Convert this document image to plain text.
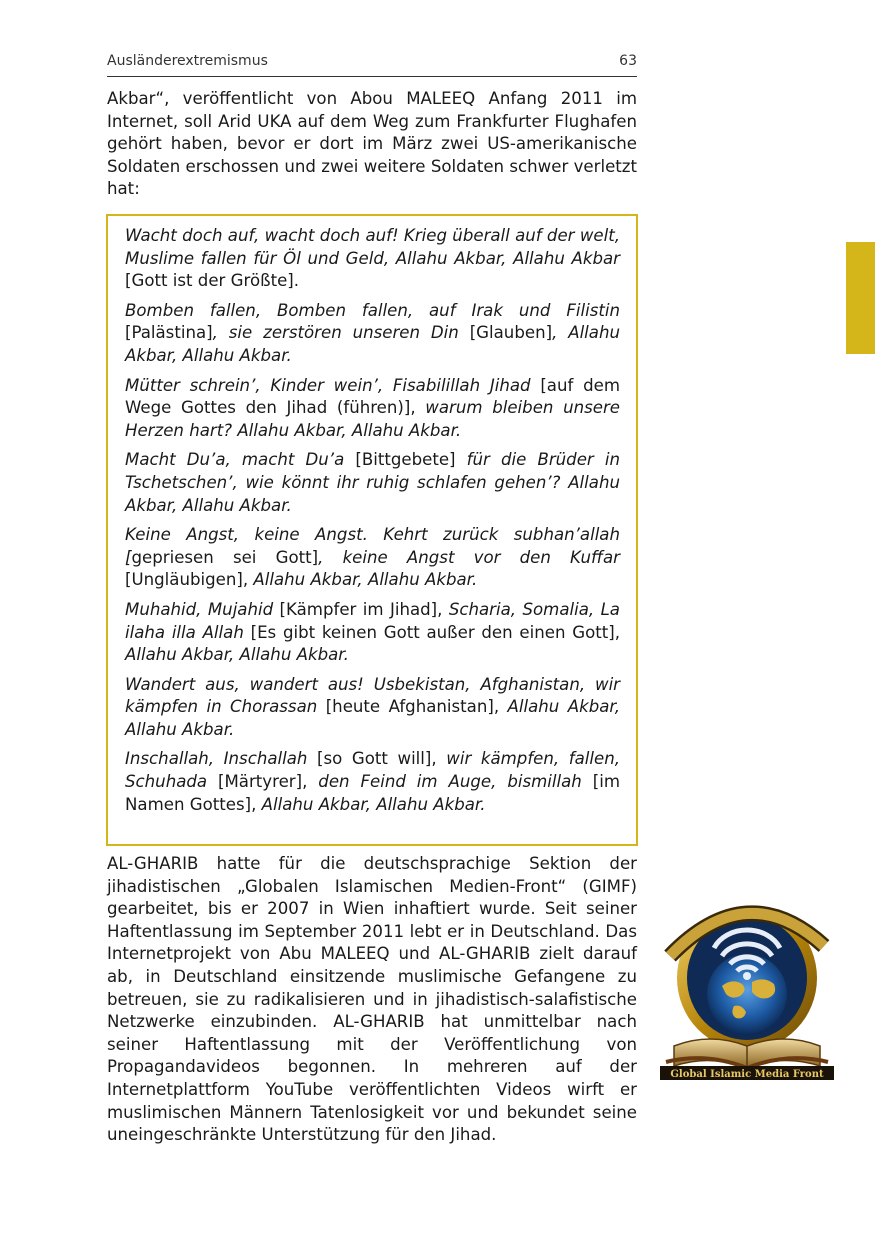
Ausländerextremismus	63

Akbar“, veröffentlicht von Abou MALEEQ Anfang 2011 im Internet, soll Arid UKA auf dem Weg zum Frankfurter Flughafen gehört haben, bevor er dort im März zwei US-amerikanische Soldaten erschossen und zwei weitere Soldaten schwer verletzt hat:

Wacht doch auf, wacht doch auf! Krieg überall auf der welt, Muslime fallen für Öl und Geld, Allahu Akbar, Allahu Akbar [Gott ist der Größte].

Bomben fallen, Bomben fallen, auf Irak und Filistin [Palästina], sie zerstören unseren Din [Glauben], Allahu Akbar, Allahu Akbar.

Mütter schrein’, Kinder wein’, Fisabilillah Jihad [auf dem Wege Gottes den Jihad (führen)], warum bleiben unsere Herzen hart? Allahu Akbar, Allahu Akbar.

Macht Du’a, macht Du’a [Bittgebete] für die Brüder in Tschetschen’, wie könnt ihr ruhig schlafen gehen’? Allahu Akbar, Allahu Akbar.

Keine Angst, keine Angst. Kehrt zurück subhan’allah [gepriesen sei Gott], keine Angst vor den Kuffar [Ungläubigen], Allahu Akbar, Allahu Akbar.

Muhahid, Mujahid [Kämpfer im Jihad], Scharia, Somalia, La ilaha illa Allah [Es gibt keinen Gott außer den einen Gott], Allahu Akbar, Allahu Akbar.

Wandert aus, wandert aus! Usbekistan, Afghanistan, wir kämpfen in Chorassan [heute Afghanistan], Allahu Akbar, Allahu Akbar.

Inschallah, Inschallah [so Gott will], wir kämpfen, fallen, Schuhada [Märtyrer], den Feind im Auge, bismillah [im Namen Gottes], Allahu Akbar, Allahu Akbar.

AL-GHARIB hatte für die deutschsprachige Sektion der jihadistischen „Globalen Islamischen Medien-Front“ (GIMF) gearbeitet, bis er 2007 in Wien inhaftiert wurde. Seit seiner Haftentlassung im September 2011 lebt er in Deutschland. Das Internetprojekt von Abu MALEEQ und AL-GHARIB zielt darauf ab, in Deutschland einsitzende muslimische Gefangene zu betreuen, sie zu radikalisieren und in jihadistisch-salafistische Netzwerke einzubinden. AL-GHARIB hat unmittelbar nach seiner Haftentlassung mit der Veröffentlichung von Propagandavideos begonnen. In mehreren auf der Internetplattform YouTube veröffentlichten Videos wirft er muslimischen Männern Tatenlosigkeit vor und bekundet seine uneingeschränkte Unterstützung für den Jihad.

Global Islamic Media Front
